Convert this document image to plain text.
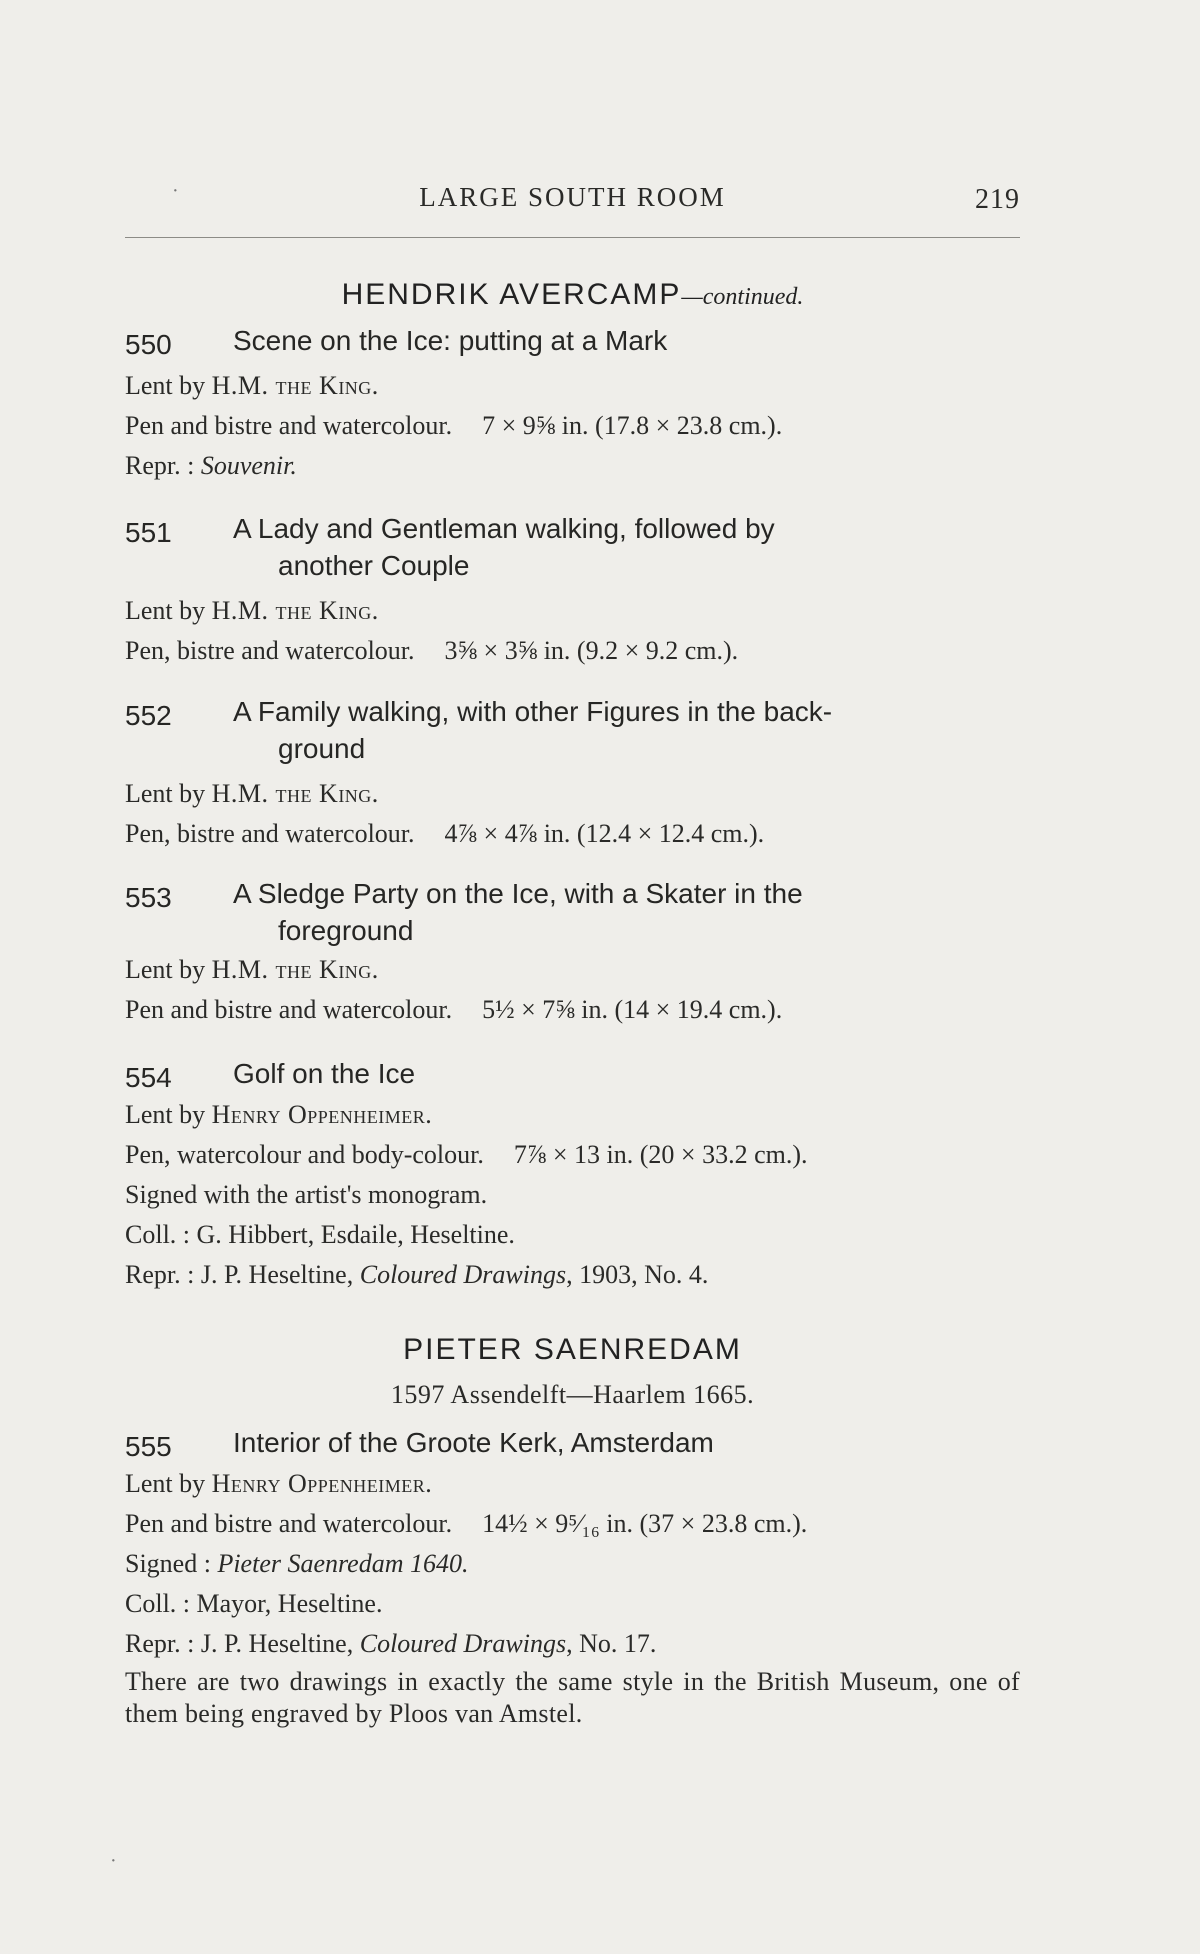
LARGE SOUTH ROOM	219
HENDRIK AVERCAMP—continued.
550	Scene on the Ice: putting at a Mark
Lent by H.M. the King.
Pen and bistre and watercolour. 7 × 9⅝ in. (17.8 × 23.8 cm.).
Repr. : Souvenir.
551	A Lady and Gentleman walking, followed by
another Couple
Lent by H.M. the King.
Pen, bistre and watercolour. 3⅝ × 3⅝ in. (9.2 × 9.2 cm.).
552	A Family walking, with other Figures in the back-
ground
Lent by H.M. the King.
Pen, bistre and watercolour. 4⅞ × 4⅞ in. (12.4 × 12.4 cm.).
553	A Sledge Party on the Ice, with a Skater in the
foreground
Lent by H.M. the King.
Pen and bistre and watercolour. 5½ × 7⅝ in. (14 × 19.4 cm.).
554	Golf on the Ice
Lent by Henry Oppenheimer.
Pen, watercolour and body-colour. 7⅞ × 13 in. (20 × 33.2 cm.).
Signed with the artist's monogram.
Coll. : G. Hibbert, Esdaile, Heseltine.
Repr. : J. P. Heseltine, Coloured Drawings, 1903, No. 4.
PIETER SAENREDAM
1597 Assendelft—Haarlem 1665.
555	Interior of the Groote Kerk, Amsterdam
Lent by Henry Oppenheimer.
Pen and bistre and watercolour. 14½ × 9⁵⁄₁₆ in. (37 × 23.8 cm.).
Signed : Pieter Saenredam 1640.
Coll. : Mayor, Heseltine.
Repr. : J. P. Heseltine, Coloured Drawings, No. 17.
There are two drawings in exactly the same style in the British Museum, one of them being engraved by Ploos van Amstel.
·
·
